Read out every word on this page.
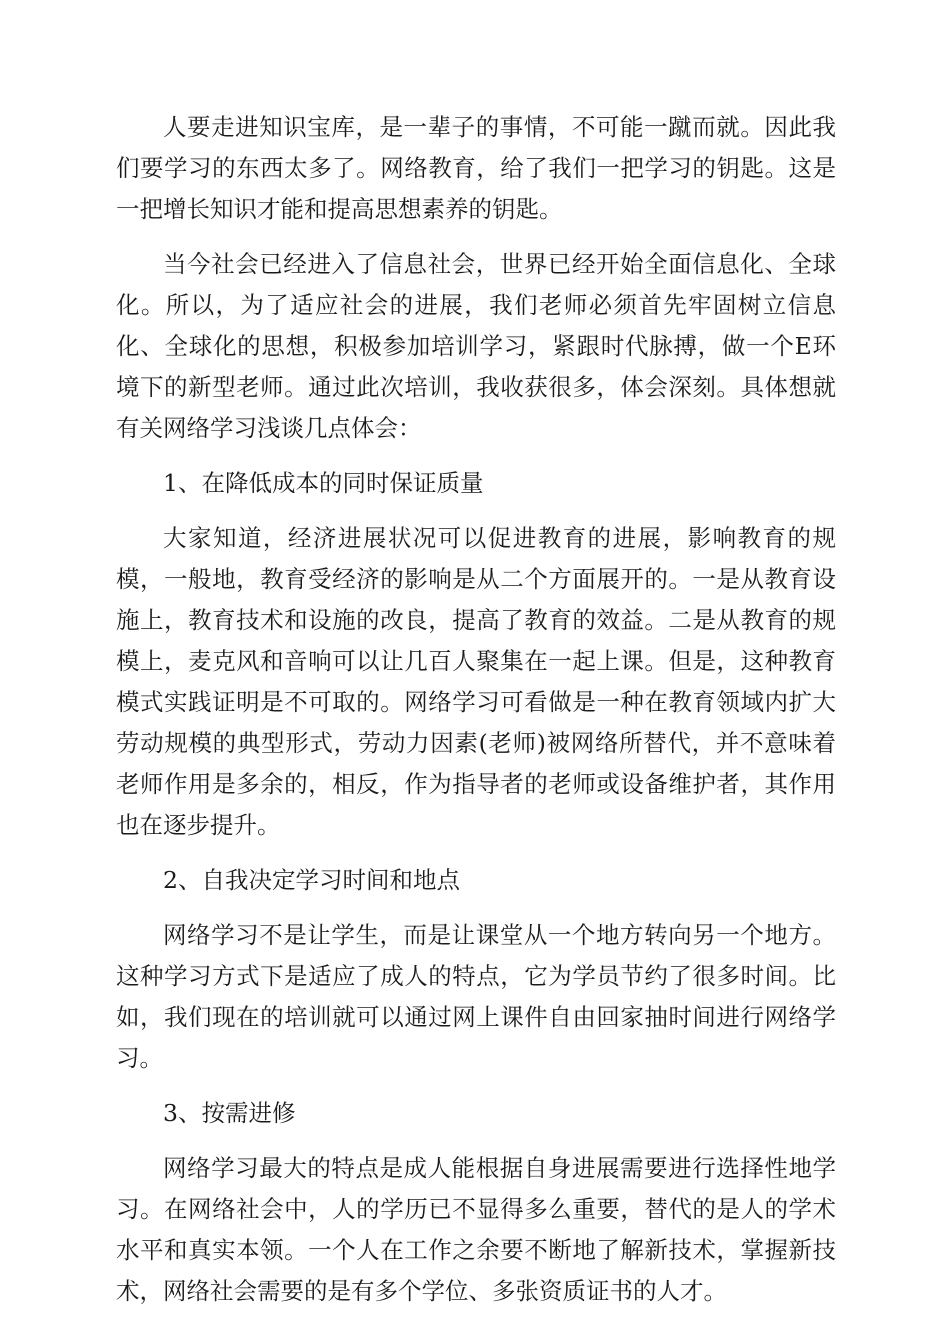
人要走进知识宝库，是一辈子的事情，不可能一蹴而就。因此我们要学习的东西太多了。网络教育，给了我们一把学习的钥匙。这是一把增长知识才能和提高思想素养的钥匙。

当今社会已经进入了信息社会，世界已经开始全面信息化、全球化。所以，为了适应社会的进展，我们老师必须首先牢固树立信息化、全球化的思想，积极参加培训学习，紧跟时代脉搏，做一个E环境下的新型老师。通过此次培训，我收获很多，体会深刻。具体想就有关网络学习浅谈几点体会：

1、在降低成本的同时保证质量

大家知道，经济进展状况可以促进教育的进展，影响教育的规模，一般地，教育受经济的影响是从二个方面展开的。一是从教育设施上，教育技术和设施的改良，提高了教育的效益。二是从教育的规模上，麦克风和音响可以让几百人聚集在一起上课。但是，这种教育模式实践证明是不可取的。网络学习可看做是一种在教育领域内扩大劳动规模的典型形式，劳动力因素(老师)被网络所替代，并不意味着老师作用是多余的，相反，作为指导者的老师或设备维护者，其作用也在逐步提升。

2、自我决定学习时间和地点

网络学习不是让学生，而是让课堂从一个地方转向另一个地方。这种学习方式下是适应了成人的特点，它为学员节约了很多时间。比如，我们现在的培训就可以通过网上课件自由回家抽时间进行网络学习。

3、按需进修

网络学习最大的特点是成人能根据自身进展需要进行选择性地学习。在网络社会中，人的学历已不显得多么重要，替代的是人的学术水平和真实本领。一个人在工作之余要不断地了解新技术，掌握新技术，网络社会需要的是有多个学位、多张资质证书的人才。
